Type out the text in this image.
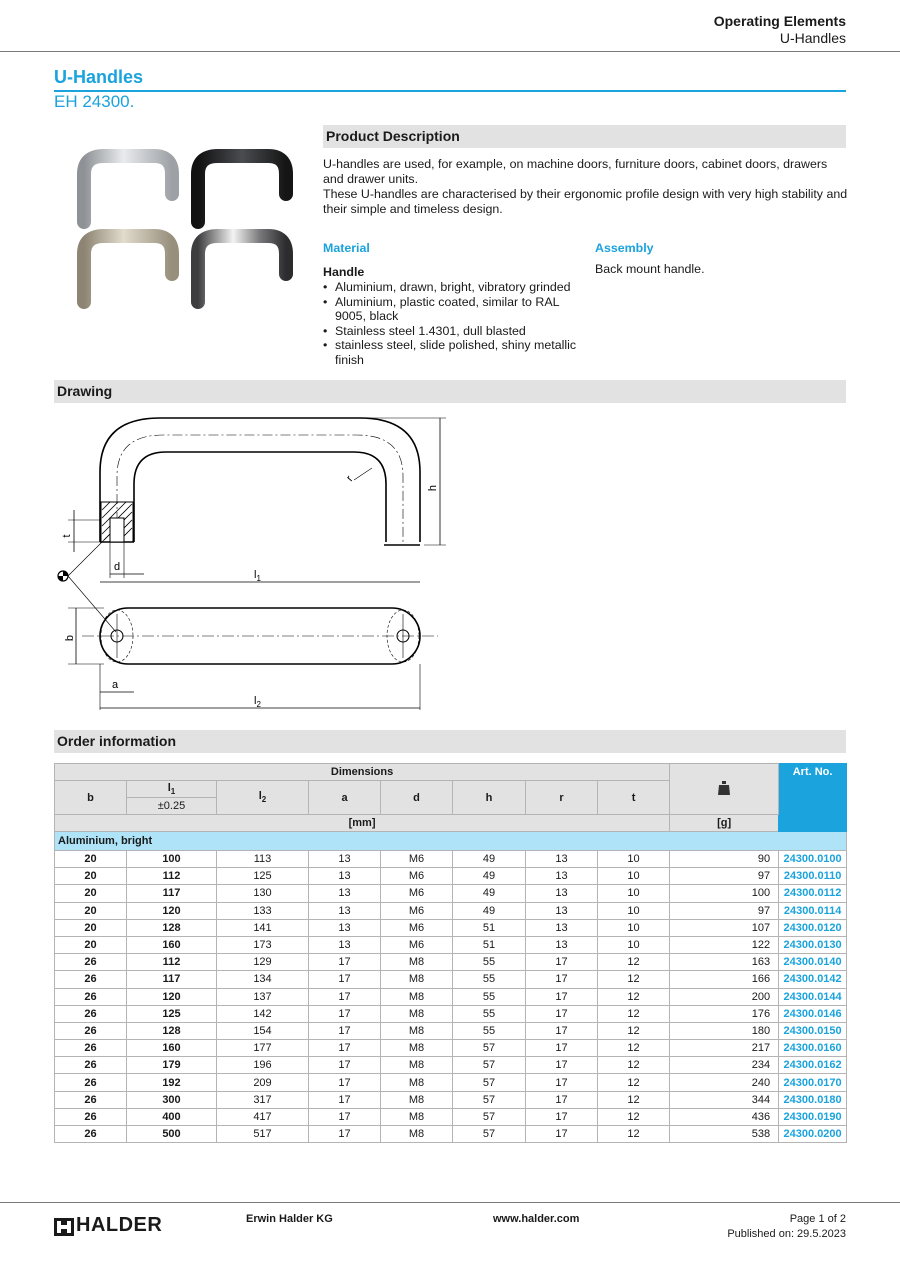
Operating Elements
U-Handles
U-Handles
EH 24300.
Product Description
U-handles are used, for example, on machine doors, furniture doors, cabinet doors, drawers and drawer units.
These U-handles are characterised by their ergonomic profile design with very high stability and their simple and timeless design.
Material
Handle
• Aluminium, drawn, bright, vibratory grinded
• Aluminium, plastic coated, similar to RAL 9005, black
• Stainless steel 1.4301, dull blasted
• stainless steel, slide polished, shiny metallic finish
Assembly
Back mount handle.
Drawing
h
r
t
d
$l_1$
b
a
$l_2$
Order information
Dimensions									Art. No.
b	$l_1$	$l_2$	a	d	h	r	t		
	±0.25								
[mm]								[g]	
Aluminium, bright									
20	100	113	13	M6	49	13	10	90	24300.0100
20	112	125	13	M6	49	13	10	97	24300.0110
20	117	130	13	M6	49	13	10	100	24300.0112
20	120	133	13	M6	49	13	10	97	24300.0114
20	128	141	13	M6	51	13	10	107	24300.0120
20	160	173	13	M6	51	13	10	122	24300.0130
26	112	129	17	M8	55	17	12	163	24300.0140
26	117	134	17	M8	55	17	12	166	24300.0142
26	120	137	17	M8	55	17	12	200	24300.0144
26	125	142	17	M8	55	17	12	176	24300.0146
26	128	154	17	M8	55	17	12	180	24300.0150
26	160	177	17	M8	57	17	12	217	24300.0160
26	179	196	17	M8	57	17	12	234	24300.0162
26	192	209	17	M8	57	17	12	240	24300.0170
26	300	317	17	M8	57	17	12	344	24300.0180
26	400	417	17	M8	57	17	12	436	24300.0190
26	500	517	17	M8	57	17	12	538	24300.0200
HALDER	Erwin Halder KG	www.halder.com	Page 1 of 2
Published on: 29.5.2023
